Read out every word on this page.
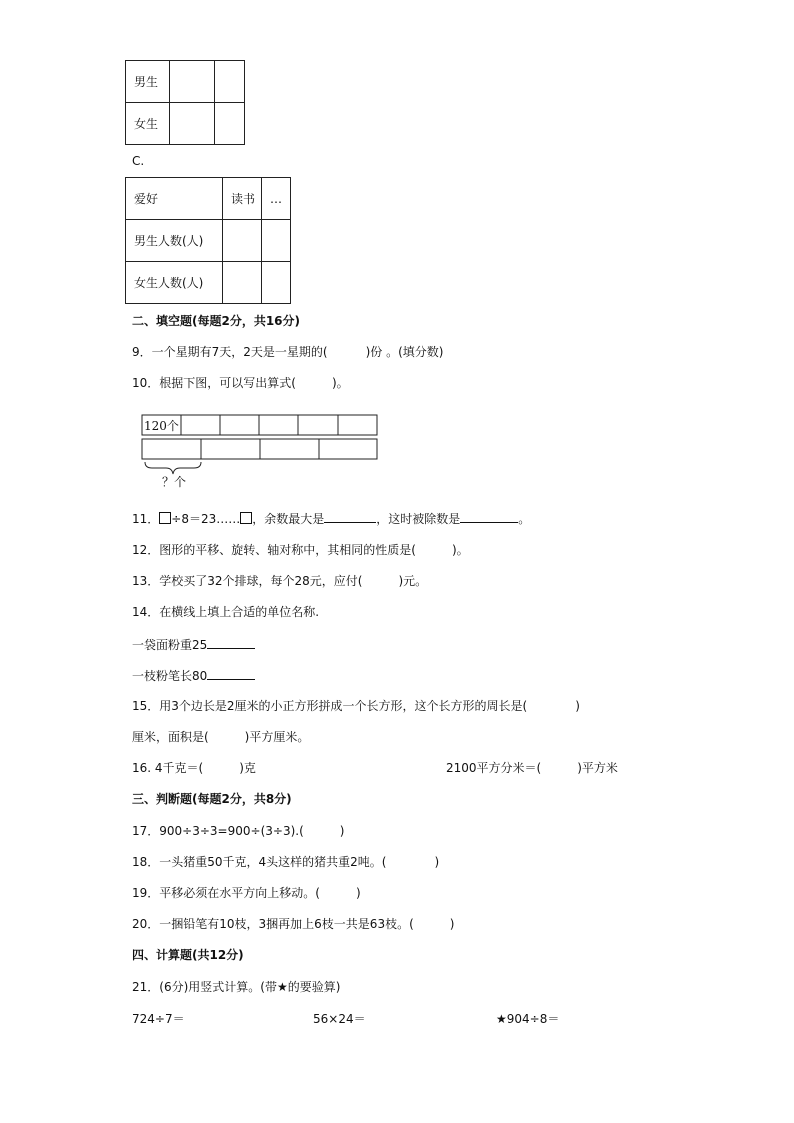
男生		
女生		
C.
爱好	读书	…
男生人数(人)		
女生人数(人)		
二、填空题(每题2分，共16分)
9．一个星期有7天，2天是一星期的(	)份 。(填分数)
10．根据下图，可以写出算式(　　　)。
120个
？个
11． ÷8＝23…… ，余数最大是	，这时被除数是	。
12．图形的平移、旋转、轴对称中，其相同的性质是(　　　)。
13．学校买了32个排球，每个28元，应付(　　　)元。
14．在横线上填上合适的单位名称.
一袋面粉重25
一枝粉笔长80
15．用3个边长是2厘米的小正方形拼成一个长方形，这个长方形的周长是(	)
厘米，面积是(　　　)平方厘米。
16. 4千克＝(　　　)克	2100平方分米＝(　　　)平方米
三、判断题(每题2分，共8分)
17．900÷3÷3=900÷(3÷3).(　　　)
18．一头猪重50千克，4头这样的猪共重2吨。(　　　　)
19．平移必须在水平方向上移动。(　　　)
20．一捆铅笔有10枝，3捆再加上6枝一共是63枝。(　　　)
四、计算题(共12分)
21．(6分)用竖式计算。(带★的要验算)
724÷7＝	56×24＝	★904÷8＝
